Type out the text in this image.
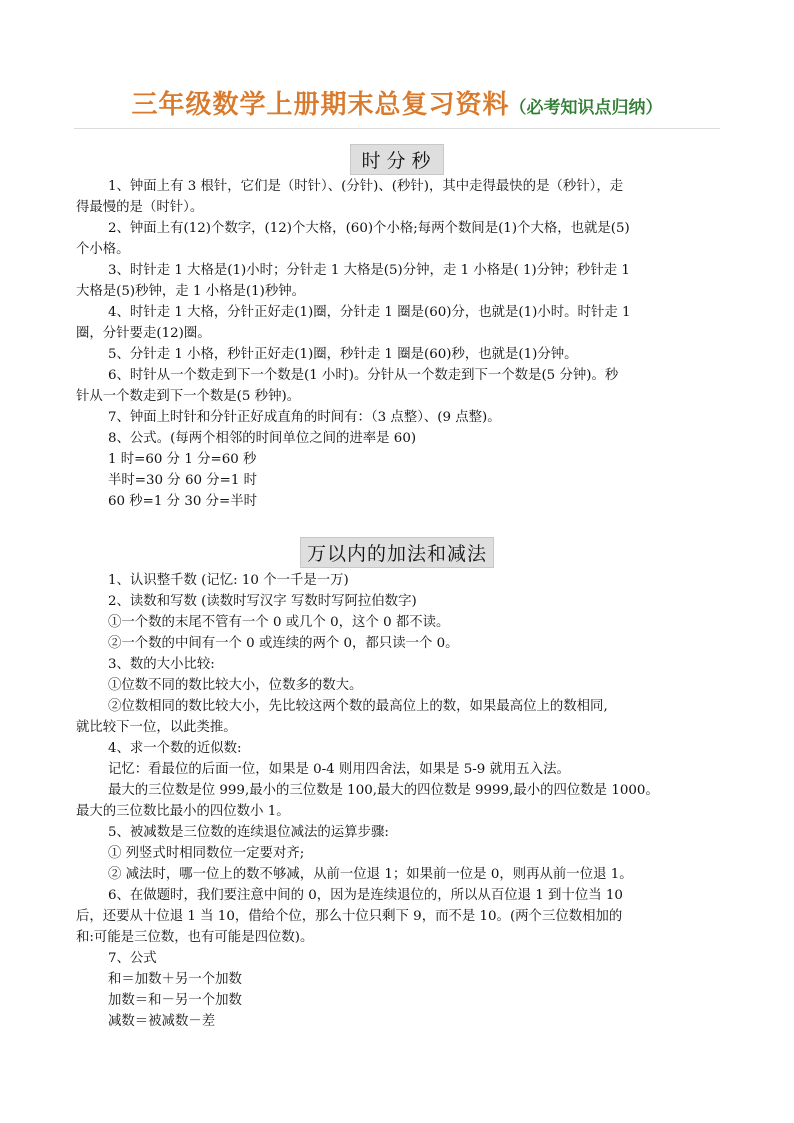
三年级数学上册期末总复习资料（必考知识点归纳）
时分秒
1、钟面上有 3 根针，它们是（时针）、(分针)、(秒针)，其中走得最快的是（秒针），走
得最慢的是（时针）。
2、钟面上有(12)个数字，(12)个大格，(60)个小格;每两个数间是(1)个大格，也就是(5)
个小格。
3、时针走 1 大格是(1)小时；分针走 1 大格是(5)分钟，走 1 小格是( 1)分钟；秒针走 1
大格是(5)秒钟，走 1 小格是(1)秒钟。
4、时针走 1 大格，分针正好走(1)圈，分针走 1 圈是(60)分，也就是(1)小时。时针走 1
圈，分针要走(12)圈。
5、分针走 1 小格，秒针正好走(1)圈，秒针走 1 圈是(60)秒，也就是(1)分钟。
6、时针从一个数走到下一个数是(1 小时)。分针从一个数走到下一个数是(5 分钟)。秒
针从一个数走到下一个数是(5 秒钟)。
7、钟面上时针和分针正好成直角的时间有：（3 点整）、(9 点整)。
8、公式。(每两个相邻的时间单位之间的进率是 60)
1 时=60 分 1 分=60 秒
半时=30 分 60 分=1 时
60 秒=1 分 30 分=半时
万以内的加法和减法
1、认识整千数 (记忆: 10 个一千是一万)
2、读数和写数 (读数时写汉字 写数时写阿拉伯数字)
①一个数的末尾不管有一个 0 或几个 0，这个 0 都不读。
②一个数的中间有一个 0 或连续的两个 0，都只读一个 0。
3、数的大小比较:
①位数不同的数比较大小，位数多的数大。
②位数相同的数比较大小，先比较这两个数的最高位上的数，如果最高位上的数相同,
就比较下一位，以此类推。
4、求一个数的近似数:
记忆：看最位的后面一位，如果是 0-4 则用四舍法，如果是 5-9 就用五入法。
最大的三位数是位 999,最小的三位数是 100,最大的四位数是 9999,最小的四位数是 1000。
最大的三位数比最小的四位数小 1。
5、被减数是三位数的连续退位减法的运算步骤:
① 列竖式时相同数位一定要对齐;
② 减法时，哪一位上的数不够减，从前一位退 1；如果前一位是 0，则再从前一位退 1。
6、在做题时，我们要注意中间的 0，因为是连续退位的，所以从百位退 1 到十位当 10
后，还要从十位退 1 当 10，借给个位，那么十位只剩下 9，而不是 10。(两个三位数相加的
和:可能是三位数，也有可能是四位数)。
7、公式
和＝加数＋另一个加数
加数＝和－另一个加数
减数＝被减数－差
